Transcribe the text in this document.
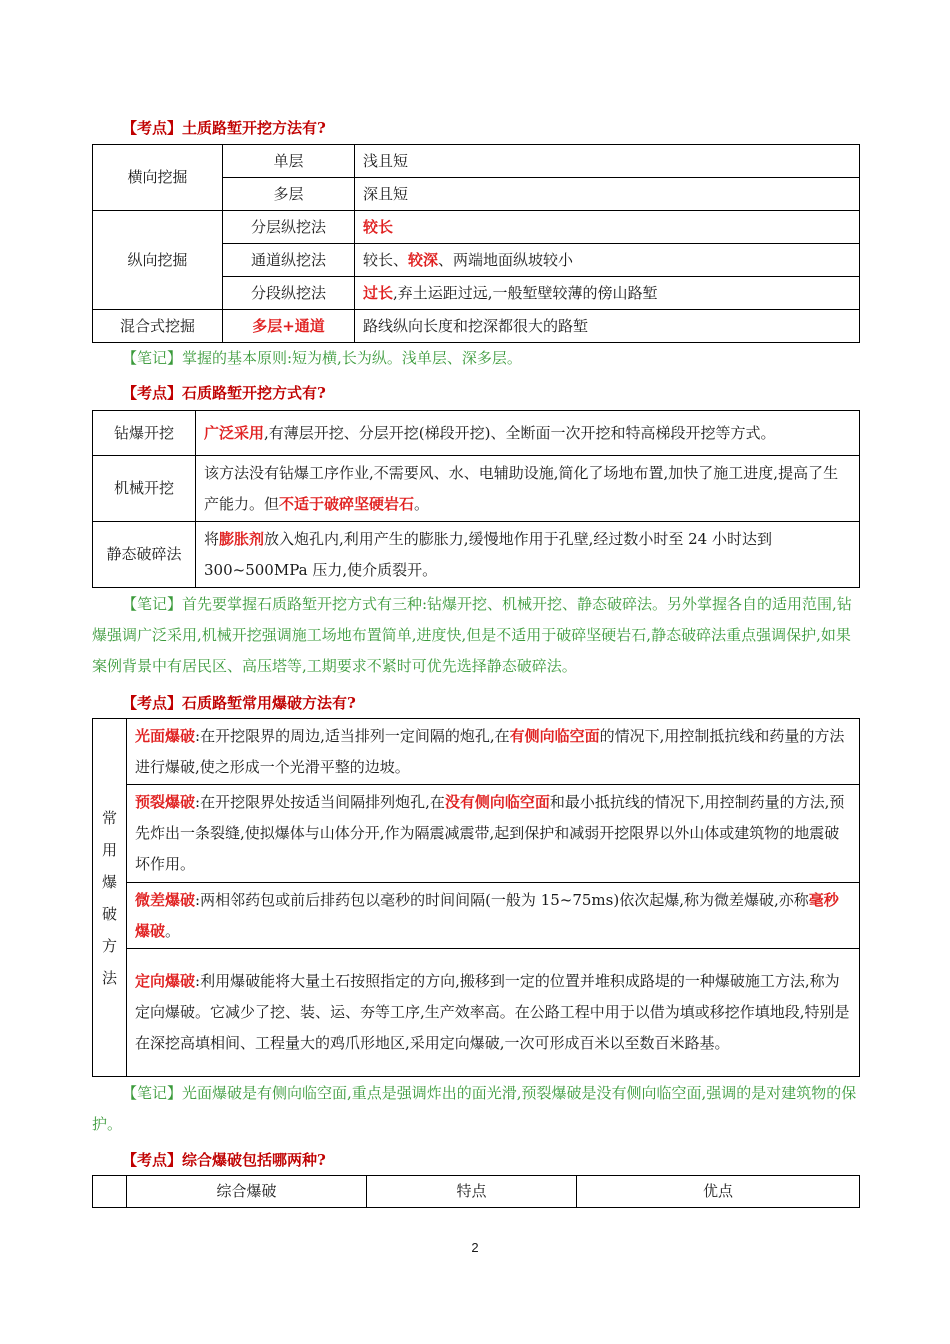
【考点】土质路堑开挖方法有?
横向挖掘	单层	浅且短
	多层	深且短
纵向挖掘	分层纵挖法	较长
	通道纵挖法	较长、较深、两端地面纵坡较小
	分段纵挖法	过长,弃土运距过远,一般堑壁较薄的傍山路堑
混合式挖掘	多层+通道	路线纵向长度和挖深都很大的路堑
【笔记】掌握的基本原则:短为横,长为纵。浅单层、深多层。
【考点】石质路堑开挖方式有?
钻爆开挖	广泛采用,有薄层开挖、分层开挖(梯段开挖)、全断面一次开挖和特高梯段开挖等方式。
机械开挖	该方法没有钻爆工序作业,不需要风、水、电辅助设施,简化了场地布置,加快了施工进度,提高了生产能力。但不适于破碎坚硬岩石。
静态破碎法	将膨胀剂放入炮孔内,利用产生的膨胀力,缓慢地作用于孔壁,经过数小时至 24 小时达到 300~500MPa 压力,使介质裂开。
【笔记】首先要掌握石质路堑开挖方式有三种:钻爆开挖、机械开挖、静态破碎法。另外掌握各自的适用范围,钻爆强调广泛采用,机械开挖强调施工场地布置简单,进度快,但是不适用于破碎坚硬岩石,静态破碎法重点强调保护,如果案例背景中有居民区、高压塔等,工期要求不紧时可优先选择静态破碎法。
【考点】石质路堑常用爆破方法有?
常
用
爆
破
方
法
	光面爆破:在开挖限界的周边,适当排列一定间隔的炮孔,在有侧向临空面的情况下,用控制抵抗线和药量的方法进行爆破,使之形成一个光滑平整的边坡。
预裂爆破:在开挖限界处按适当间隔排列炮孔,在没有侧向临空面和最小抵抗线的情况下,用控制药量的方法,预先炸出一条裂缝,使拟爆体与山体分开,作为隔震减震带,起到保护和减弱开挖限界以外山体或建筑物的地震破坏作用。
微差爆破:两相邻药包或前后排药包以毫秒的时间间隔(一般为 15~75ms)依次起爆,称为微差爆破,亦称毫秒爆破。
定向爆破:利用爆破能将大量土石按照指定的方向,搬移到一定的位置并堆积成路堤的一种爆破施工方法,称为定向爆破。它减少了挖、装、运、夯等工序,生产效率高。在公路工程中用于以借为填或移挖作填地段,特别是在深挖高填相间、工程量大的鸡爪形地区,采用定向爆破,一次可形成百米以至数百米路基。
【笔记】光面爆破是有侧向临空面,重点是强调炸出的面光滑,预裂爆破是没有侧向临空面,强调的是对建筑物的保护。
【考点】综合爆破包括哪两种?
	综合爆破	特点	优点
2
